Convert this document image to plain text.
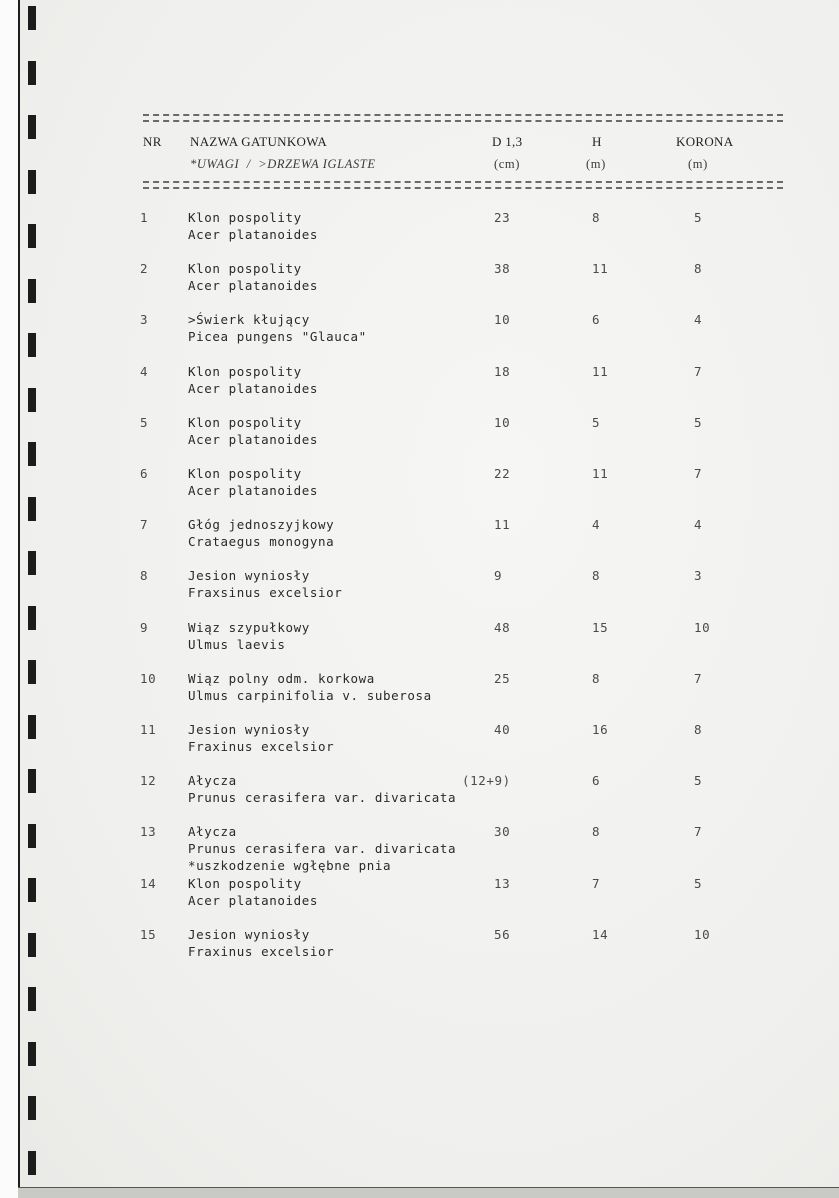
NR NAZWA GATUNKOWA	D 1,3	H	KORONA
*UWAGI  /  >DRZEWA IGLASTE	(cm)	(m)	(m)
1	Klon pospolity	23	8	5
Acer platanoides
2	Klon pospolity	38	11	8
Acer platanoides
3	>Świerk kłujący	10	6	4
Picea pungens "Glauca"
4	Klon pospolity	18	11	7
Acer platanoides
5	Klon pospolity	10	5	5
Acer platanoides
6	Klon pospolity	22	11	7
Acer platanoides
7	Głóg jednoszyjkowy	11	4	4
Crataegus monogyna
8	Jesion wyniosły	9	8	3
Fraxsinus excelsior
9	Wiąz szypułkowy	48	15	10
Ulmus laevis
10	Wiąz polny odm. korkowa	25	8	7
Ulmus carpinifolia v. suberosa
11	Jesion wyniosły	40	16	8
Fraxinus excelsior
12	Ałycza	(12+9)	6	5
Prunus cerasifera var. divaricata
13	Ałycza	30	8	7
Prunus cerasifera var. divaricata
*uszkodzenie wgłębne pnia
14	Klon pospolity	13	7	5
Acer platanoides
15	Jesion wyniosły	56	14	10
Fraxinus excelsior
